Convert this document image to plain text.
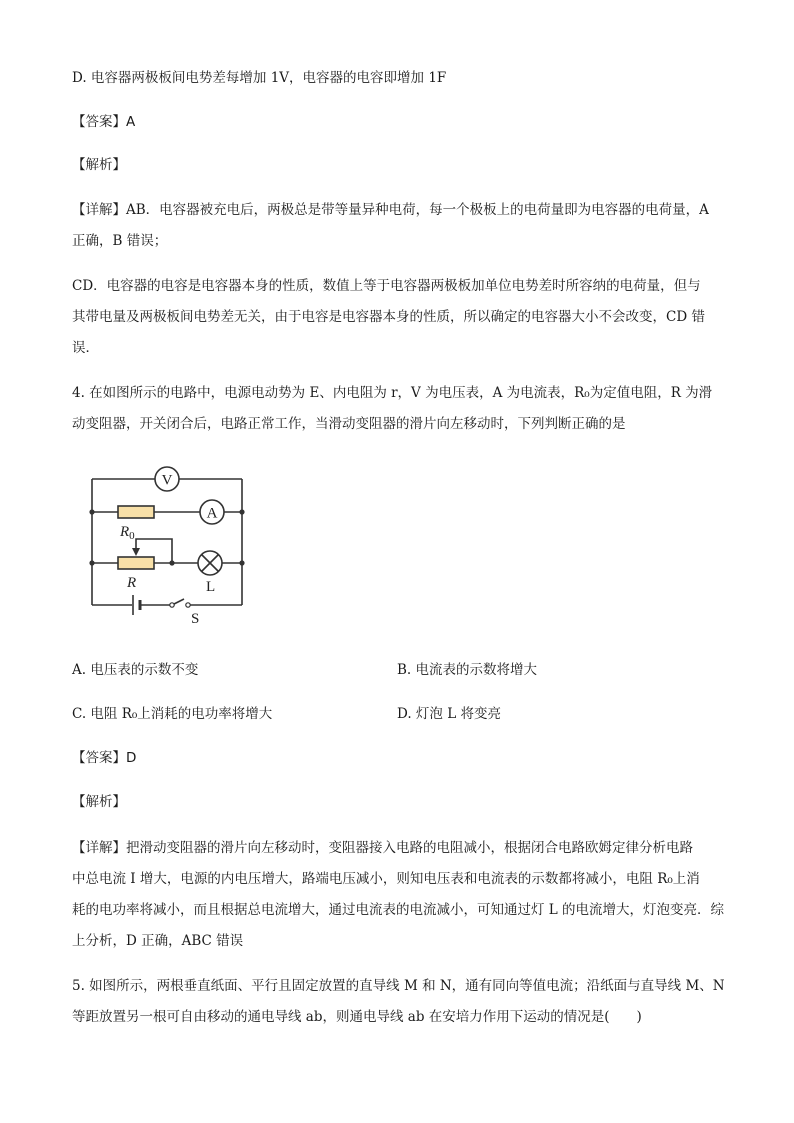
D. 电容器两极板间电势差每增加 1V，电容器的电容即增加 1F
【答案】A
【解析】
【详解】AB．电容器被充电后，两极总是带等量异种电荷，每一个极板上的电荷量即为电容器的电荷量，A
正确，B 错误；
CD．电容器的电容是电容器本身的性质，数值上等于电容器两极板加单位电势差时所容纳的电荷量，但与
其带电量及两极板间电势差无关，由于电容是电容器本身的性质，所以确定的电容器大小不会改变，CD 错
误．
4. 在如图所示的电路中，电源电动势为 E、内电阻为 r，V 为电压表，A 为电流表，R₀为定值电阻，R 为滑
动变阻器，开关闭合后，电路正常工作，当滑动变阻器的滑片向左移动时，下列判断正确的是
V
A
$R_0$
R	L
S
A. 电压表的示数不变	B. 电流表的示数将增大
C. 电阻 R₀上消耗的电功率将增大	D. 灯泡 L 将变亮
【答案】D
【解析】
【详解】把滑动变阻器的滑片向左移动时，变阻器接入电路的电阻减小，根据闭合电路欧姆定律分析电路
中总电流 I 增大，电源的内电压增大，路端电压减小，则知电压表和电流表的示数都将减小，电阻 R₀上消
耗的电功率将减小，而且根据总电流增大，通过电流表的电流减小，可知通过灯 L 的电流增大，灯泡变亮．综
上分析，D 正确，ABC 错误
5. 如图所示，两根垂直纸面、平行且固定放置的直导线 M 和 N，通有同向等值电流；沿纸面与直导线 M、N
等距放置另一根可自由移动的通电导线 ab，则通电导线 ab 在安培力作用下运动的情况是(　　)
